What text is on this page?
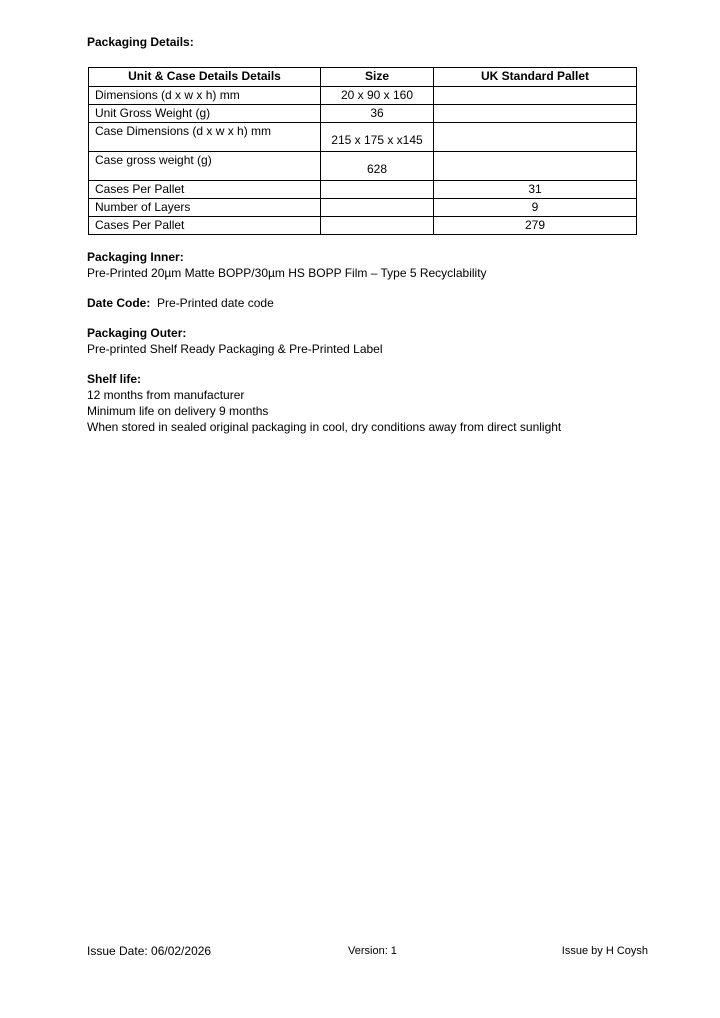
Packaging Details:

Unit & Case Details Details	Size	UK Standard Pallet
Dimensions (d x w x h) mm	20 x 90 x 160	
Unit Gross Weight (g)	36	
Case Dimensions (d x w x h) mm	215 x 175 x x145	
Case gross weight (g)	628	
Cases Per Pallet		31
Number of Layers		9
Cases Per Pallet		279

Packaging Inner:

Pre-Printed 20µm Matte BOPP/30µm HS BOPP Film – Type 5 Recyclability

Date Code: Pre-Printed date code

Packaging Outer:

Pre-printed Shelf Ready Packaging & Pre-Printed Label

Shelf life:

12 months from manufacturer

Minimum life on delivery 9 months

When stored in sealed original packaging in cool, dry conditions away from direct sunlight

Issue Date: 06/02/2026	Version: 1	Issue by H Coysh
